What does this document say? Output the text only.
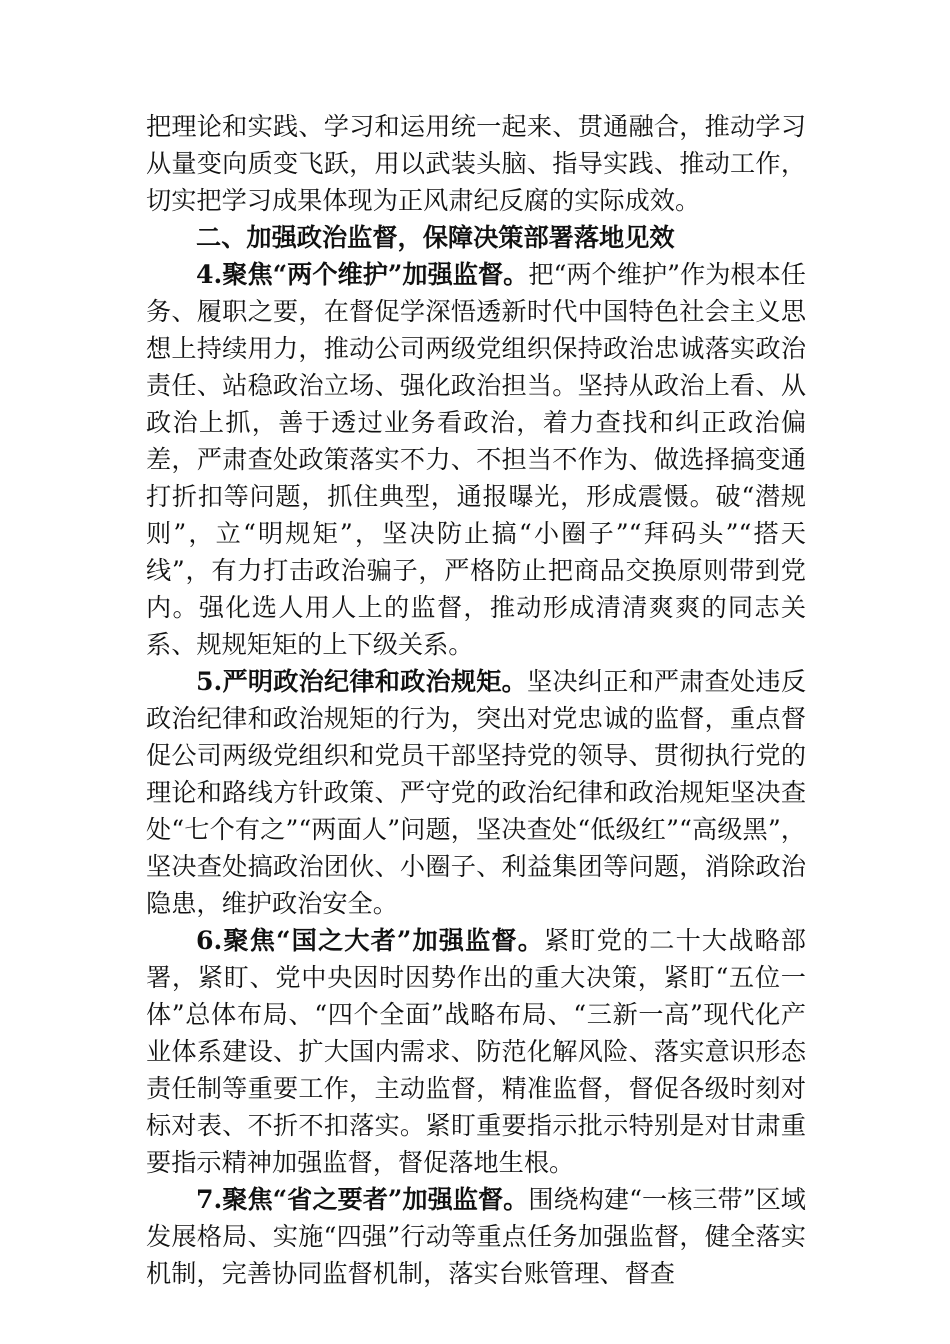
把理论和实践、学习和运用统一起来、贯通融合，推动学习从量变向质变飞跃，用以武装头脑、指导实践、推动工作，切实把学习成果体现为正风肃纪反腐的实际成效。

二、加强政治监督，保障决策部署落地见效

4.聚焦“两个维护”加强监督。把“两个维护”作为根本任务、履职之要，在督促学深悟透新时代中国特色社会主义思想上持续用力，推动公司两级党组织保持政治忠诚落实政治责任、站稳政治立场、强化政治担当。坚持从政治上看、从政治上抓，善于透过业务看政治，着力查找和纠正政治偏差，严肃查处政策落实不力、不担当不作为、做选择搞变通打折扣等问题，抓住典型，通报曝光，形成震慑。破“潜规则”，立“明规矩”，坚决防止搞“小圈子”“拜码头”“搭天线”，有力打击政治骗子，严格防止把商品交换原则带到党内。强化选人用人上的监督，推动形成清清爽爽的同志关系、规规矩矩的上下级关系。

5.严明政治纪律和政治规矩。坚决纠正和严肃查处违反政治纪律和政治规矩的行为，突出对党忠诚的监督，重点督促公司两级党组织和党员干部坚持党的领导、贯彻执行党的理论和路线方针政策、严守党的政治纪律和政治规矩坚决查处“七个有之”“两面人”问题，坚决查处“低级红”“高级黑”，坚决查处搞政治团伙、小圈子、利益集团等问题，消除政治隐患，维护政治安全。

6.聚焦“国之大者”加强监督。紧盯党的二十大战略部署，紧盯、党中央因时因势作出的重大决策，紧盯“五位一体”总体布局、“四个全面”战略布局、“三新一高”现代化产业体系建设、扩大国内需求、防范化解风险、落实意识形态责任制等重要工作，主动监督，精准监督，督促各级时刻对标对表、不折不扣落实。紧盯重要指示批示特别是对甘肃重要指示精神加强监督，督促落地生根。

7.聚焦“省之要者”加强监督。围绕构建“一核三带”区域发展格局、实施“四强”行动等重点任务加强监督，健全落实机制，完善协同监督机制，落实台账管理、督查
